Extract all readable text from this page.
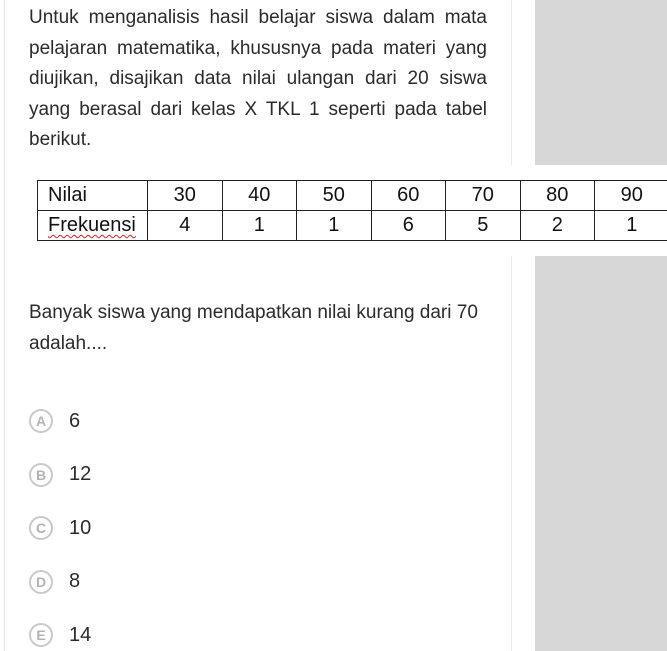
Untuk menganalisis hasil belajar siswa dalam mata pelajaran matematika, khususnya pada materi yang diujikan, disajikan data nilai ulangan dari 20 siswa yang berasal dari kelas X TKL 1 seperti pada tabel berikut.

Nilai	30	40	50	60	70	80	90
Frekuensi	4	1	1	6	5	2	1

Banyak siswa yang mendapatkan nilai kurang dari 70 adalah....

A	6
B	12
C	10
D	8
E	14
